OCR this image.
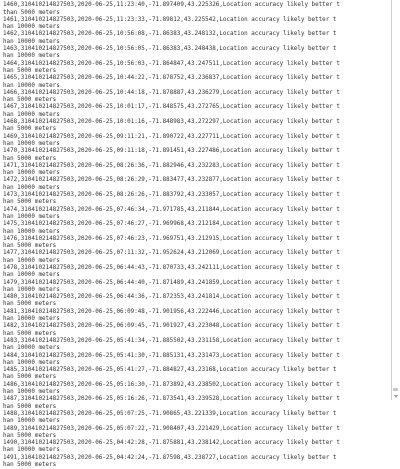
1460,310410214827503,2020-06-25,11:23:40,-71.897409,43.225326,Location accuracy likely better t
than 5000 meters
1461,310410214827503,2020-06-25,11:23:33,-71.89812,43.225542,Location accuracy likely better t
han 10000 meters
1462,310410214827503,2020-06-25,10:56:08,-71.86383,43.248132,Location accuracy likely better t
han 10000 meters
1463,310410214827503,2020-06-25,10:56:05,-71.86383,43.248438,Location accuracy likely better t
han 10000 meters
1464,310410214827503,2020-06-25,10:56:03,-71.864847,43.247511,Location accuracy likely better t
han 5000 meters
1465,310410214827503,2020-06-25,10:44:22,-71.878752,43.236837,Location accuracy likely better t
han 10000 meters
1466,310410214827503,2020-06-25,10:44:18,-71.878887,43.236279,Location accuracy likely better t
han 5000 meters
1467,310410214827503,2020-06-25,10:01:17,-71.848575,43.272765,Location accuracy likely better t
han 10000 meters
1468,310410214827503,2020-06-25,10:01:16,-71.848983,43.272297,Location accuracy likely better t
han 5000 meters
1469,310410214827503,2020-06-25,09:11:21,-71.890722,43.227711,Location accuracy likely better t
han 10000 meters
1470,310410214827503,2020-06-25,09:11:18,-71.891451,43.227486,Location accuracy likely better t
han 5000 meters
1471,310410214827503,2020-06-25,08:26:36,-71.882946,43.232283,Location accuracy likely better t
han 10000 meters
1472,310410214827503,2020-06-25,08:26:29,-71.883477,43.232877,Location accuracy likely better t
han 10000 meters
1473,310410214827503,2020-06-25,08:26:26,-71.883792,43.233057,Location accuracy likely better t
han 5000 meters
1474,310410214827503,2020-06-25,07:46:34,-71.971785,43.211844,Location accuracy likely better t
han 10000 meters
1475,310410214827503,2020-06-25,07:46:27,-71.969968,43.212184,Location accuracy likely better t
han 10000 meters
1476,310410214827503,2020-06-25,07:46:23,-71.969751,43.212915,Location accuracy likely better t
han 5000 meters
1477,310410214827503,2020-06-25,07:11:32,-71.952624,43.212069,Location accuracy likely better t
han 10000 meters
1478,310410214827503,2020-06-25,06:44:43,-71.870733,43.242111,Location accuracy likely better t
han 10000 meters
1479,310410214827503,2020-06-25,06:44:40,-71.871489,43.241859,Location accuracy likely better t
han 10000 meters
1480,310410214827503,2020-06-25,06:44:36,-71.872353,43.241814,Location accuracy likely better t
han 5000 meters
1481,310410214827503,2020-06-25,06:09:48,-71.901956,43.222446,Location accuracy likely better t
han 10000 meters
1482,310410214827503,2020-06-25,06:09:45,-71.901927,43.223048,Location accuracy likely better t
han 5000 meters
1483,310410214827503,2020-06-25,05:41:34,-71.885502,43.231158,Location accuracy likely better t
han 10000 meters
1484,310410214827503,2020-06-25,05:41:30,-71.885131,43.231473,Location accuracy likely better t
han 10000 meters
1485,310410214827503,2020-06-25,05:41:27,-71.884827,43.23168,Location accuracy likely better t
han 5000 meters
1486,310410214827503,2020-06-25,05:16:30,-71.873892,43.238502,Location accuracy likely better t
han 10000 meters
1487,310410214827503,2020-06-25,05:16:26,-71.873541,43.239528,Location accuracy likely better t
han 5000 meters
1488,310410214827503,2020-06-25,05:07:25,-71.90865,43.221339,Location accuracy likely better t
han 10000 meters
1489,310410214827503,2020-06-25,05:07:22,-71.908407,43.221429,Location accuracy likely better t
han 5000 meters
1490,310410214827503,2020-06-25,04:42:28,-71.875881,43.238142,Location accuracy likely better t
han 10000 meters
1491,310410214827503,2020-06-25,04:42:24,-71.87598,43.238727,Location accuracy likely better t
han 5000 meters
